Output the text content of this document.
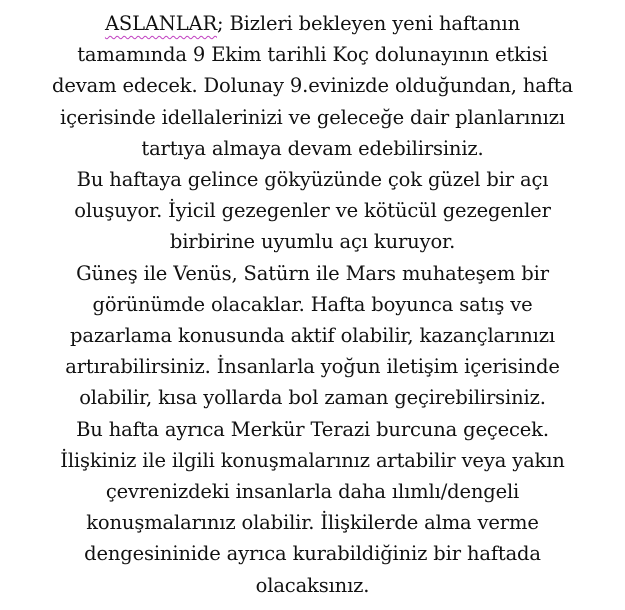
ASLANLAR; Bizleri bekleyen yeni haftanın
tamamında 9 Ekim tarihli Koç dolunayının etkisi
devam edecek. Dolunay 9.evinizde olduğundan, hafta
içerisinde idellalerinizi ve geleceğe dair planlarınızı
tartıya almaya devam edebilirsiniz.
Bu haftaya gelince gökyüzünde çok güzel bir açı
oluşuyor. İyicil gezegenler ve kötücül gezegenler
birbirine uyumlu açı kuruyor.
Güneş ile Venüs, Satürn ile Mars muhateşem bir
görünümde olacaklar. Hafta boyunca satış ve
pazarlama konusunda aktif olabilir, kazançlarınızı
artırabilirsiniz. İnsanlarla yoğun iletişim içerisinde
olabilir, kısa yollarda bol zaman geçirebilirsiniz.
Bu hafta ayrıca Merkür Terazi burcuna geçecek.
İlişkiniz ile ilgili konuşmalarınız artabilir veya yakın
çevrenizdeki insanlarla daha ılımlı/dengeli
konuşmalarınız olabilir. İlişkilerde alma verme
dengesininide ayrıca kurabildiğiniz bir haftada
olacaksınız.
